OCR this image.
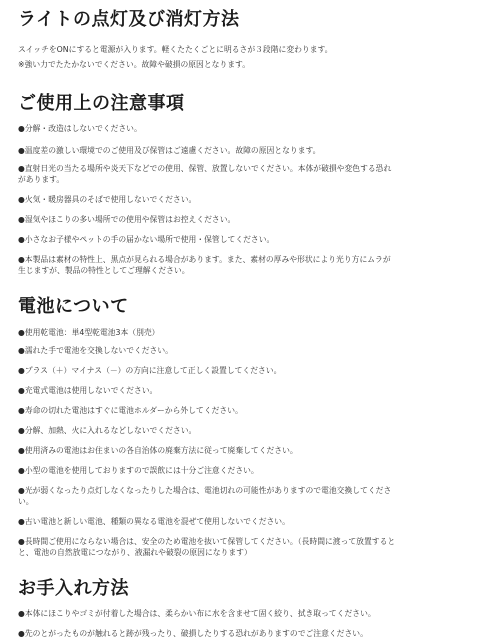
ライトの点灯及び消灯方法

スイッチをONにすると電源が入ります。軽くたたくごとに明るさが３段階に変わります。

※強い力でたたかないでください。故障や破損の原因となります。

ご使用上の注意事項
●分解・改造はしないでください。
●温度差の激しい環境でのご使用及び保管はご遠慮ください。故障の原因となります。
●直射日光の当たる場所や炎天下などでの使用、保管、放置しないでください。本体が破損や変色する恐れ
があります。
●火気・暖房器具のそばで使用しないでください。
●湿気やほこりの多い場所での使用や保管はお控えください。
●小さなお子様やペットの手の届かない場所で使用・保管してください。
●本製品は素材の特性上、黒点が見られる場合があります。また、素材の厚みや形状により光り方にムラが
生じますが、製品の特性としてご理解ください。
電池について
●使用乾電池：単4型乾電池3本（別売）
●濡れた手で電池を交換しないでください。
●プラス（＋）マイナス（－）の方向に注意して正しく設置してください。
●充電式電池は使用しないでください。
●寿命の切れた電池はすぐに電池ホルダーから外してください。
●分解、加熱、火に入れるなどしないでください。
●使用済みの電池はお住まいの各自治体の廃棄方法に従って廃棄してください。
●小型の電池を使用しておりますので誤飲には十分ご注意ください。
●光が弱くなったり点灯しなくなったりした場合は、電池切れの可能性がありますので電池交換してくださ
い。
●古い電池と新しい電池、種類の異なる電池を混ぜて使用しないでください。
●長時間ご使用にならない場合は、安全のため電池を抜いて保管してください。（長時間に渡って放置すると
と、電池の自然放電につながり、液漏れや破裂の原因になります）
お手入れ方法
●本体にほこりやゴミが付着した場合は、柔らかい布に水を含ませて固く絞り、拭き取ってください。
●先のとがったものが触れると跡が残ったり、破損したりする恐れがありますのでご注意ください。
